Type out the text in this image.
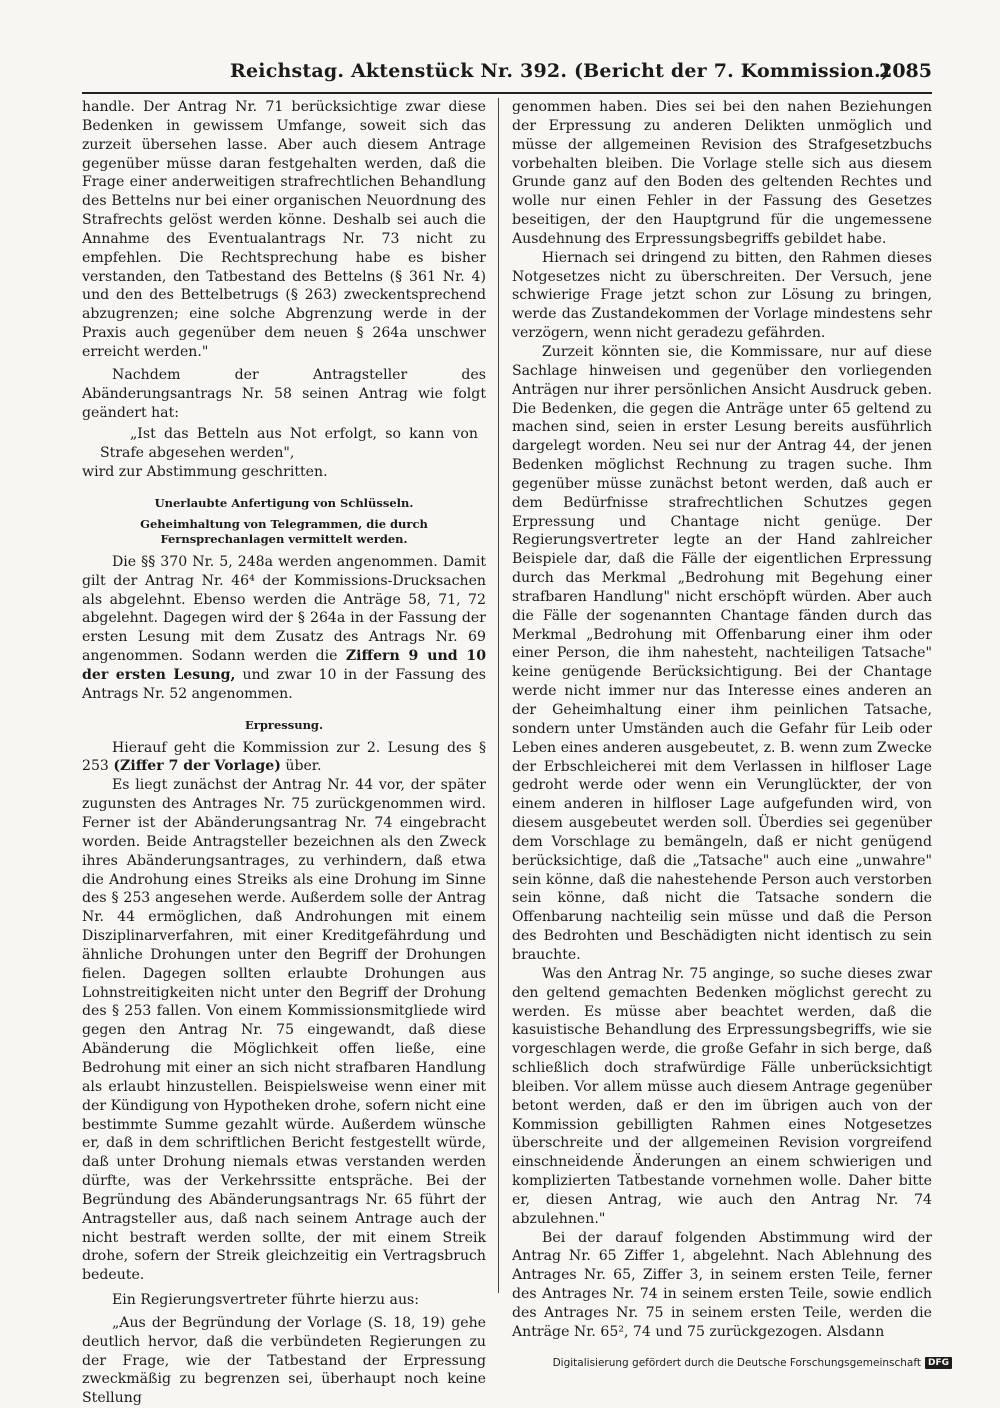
Reichstag. Aktenstück Nr. 392. (Bericht der 7. Kommission.)
2085

handle. Der Antrag Nr. 71 berücksichtige zwar diese Bedenken in gewissem Umfange, soweit sich das zurzeit übersehen lasse. Aber auch diesem Antrage gegenüber müsse daran festgehalten werden, daß die Frage einer anderweitigen strafrechtlichen Behandlung des Bettelns nur bei einer organischen Neuordnung des Strafrechts gelöst werden könne. Deshalb sei auch die Annahme des Eventualantrags Nr. 73 nicht zu empfehlen. Die Rechtsprechung habe es bisher verstanden, den Tatbestand des Bettelns (§ 361 Nr. 4) und den des Bettelbetrugs (§ 263) zweckentsprechend abzugrenzen; eine solche Abgrenzung werde in der Praxis auch gegenüber dem neuen § 264a unschwer erreicht werden."

Nachdem der Antragsteller des Abänderungsantrags Nr. 58 seinen Antrag wie folgt geändert hat:

„Ist das Betteln aus Not erfolgt, so kann von Strafe abgesehen werden",

wird zur Abstimmung geschritten.

Unerlaubte Anfertigung von Schlüsseln.
Geheimhaltung von Telegrammen, die durch Fernsprechanlagen vermittelt werden.

Die §§ 370 Nr. 5, 248a werden angenommen. Damit gilt der Antrag Nr. 46⁴ der Kommissions-Drucksachen als abgelehnt. Ebenso werden die Anträge 58, 71, 72 abgelehnt. Dagegen wird der § 264a in der Fassung der ersten Lesung mit dem Zusatz des Antrags Nr. 69 angenommen. Sodann werden die Ziffern 9 und 10 der ersten Lesung, und zwar 10 in der Fassung des Antrags Nr. 52 angenommen.

Erpressung.

Hierauf geht die Kommission zur 2. Lesung des § 253 (Ziffer 7 der Vorlage) über.

Es liegt zunächst der Antrag Nr. 44 vor, der später zugunsten des Antrages Nr. 75 zurückgenommen wird. Ferner ist der Abänderungsantrag Nr. 74 eingebracht worden. Beide Antragsteller bezeichnen als den Zweck ihres Abänderungsantrages, zu verhindern, daß etwa die Androhung eines Streiks als eine Drohung im Sinne des § 253 angesehen werde. Außerdem solle der Antrag Nr. 44 ermöglichen, daß Androhungen mit einem Disziplinarverfahren, mit einer Kreditgefährdung und ähnliche Drohungen unter den Begriff der Drohungen fielen. Dagegen sollten erlaubte Drohungen aus Lohnstreitigkeiten nicht unter den Begriff der Drohung des § 253 fallen. Von einem Kommissionsmitgliede wird gegen den Antrag Nr. 75 eingewandt, daß diese Abänderung die Möglichkeit offen ließe, eine Bedrohung mit einer an sich nicht strafbaren Handlung als erlaubt hinzustellen. Beispielsweise wenn einer mit der Kündigung von Hypotheken drohe, sofern nicht eine bestimmte Summe gezahlt würde. Außerdem wünsche er, daß in dem schriftlichen Bericht festgestellt würde, daß unter Drohung niemals etwas verstanden werden dürfte, was der Verkehrssitte entspräche. Bei der Begründung des Abänderungsantrags Nr. 65 führt der Antragsteller aus, daß nach seinem Antrage auch der nicht bestraft werden sollte, der mit einem Streik drohe, sofern der Streik gleichzeitig ein Vertragsbruch bedeute.

Ein Regierungsvertreter führte hierzu aus:

„Aus der Begründung der Vorlage (S. 18, 19) gehe deutlich hervor, daß die verbündeten Regierungen zu der Frage, wie der Tatbestand der Erpressung zweckmäßig zu begrenzen sei, überhaupt noch keine Stellung

genommen haben. Dies sei bei den nahen Beziehungen der Erpressung zu anderen Delikten unmöglich und müsse der allgemeinen Revision des Strafgesetzbuchs vorbehalten bleiben. Die Vorlage stelle sich aus diesem Grunde ganz auf den Boden des geltenden Rechtes und wolle nur einen Fehler in der Fassung des Gesetzes beseitigen, der den Hauptgrund für die ungemessene Ausdehnung des Erpressungsbegriffs gebildet habe.

Hiernach sei dringend zu bitten, den Rahmen dieses Notgesetzes nicht zu überschreiten. Der Versuch, jene schwierige Frage jetzt schon zur Lösung zu bringen, werde das Zustandekommen der Vorlage mindestens sehr verzögern, wenn nicht geradezu gefährden.

Zurzeit könnten sie, die Kommissare, nur auf diese Sachlage hinweisen und gegenüber den vorliegenden Anträgen nur ihrer persönlichen Ansicht Ausdruck geben. Die Bedenken, die gegen die Anträge unter 65 geltend zu machen sind, seien in erster Lesung bereits ausführlich dargelegt worden. Neu sei nur der Antrag 44, der jenen Bedenken möglichst Rechnung zu tragen suche. Ihm gegenüber müsse zunächst betont werden, daß auch er dem Bedürfnisse strafrechtlichen Schutzes gegen Erpressung und Chantage nicht genüge. Der Regierungsvertreter legte an der Hand zahlreicher Beispiele dar, daß die Fälle der eigentlichen Erpressung durch das Merkmal „Bedrohung mit Begehung einer strafbaren Handlung" nicht erschöpft würden. Aber auch die Fälle der sogenannten Chantage fänden durch das Merkmal „Bedrohung mit Offenbarung einer ihm oder einer Person, die ihm nahesteht, nachteiligen Tatsache" keine genügende Berücksichtigung. Bei der Chantage werde nicht immer nur das Interesse eines anderen an der Geheimhaltung einer ihm peinlichen Tatsache, sondern unter Umständen auch die Gefahr für Leib oder Leben eines anderen ausgebeutet, z. B. wenn zum Zwecke der Erbschleicherei mit dem Verlassen in hilfloser Lage gedroht werde oder wenn ein Verunglückter, der von einem anderen in hilfloser Lage aufgefunden wird, von diesem ausgebeutet werden soll. Überdies sei gegenüber dem Vorschlage zu bemängeln, daß er nicht genügend berücksichtige, daß die „Tatsache" auch eine „unwahre" sein könne, daß die nahestehende Person auch verstorben sein könne, daß nicht die Tatsache sondern die Offenbarung nachteilig sein müsse und daß die Person des Bedrohten und Beschädigten nicht identisch zu sein brauchte.

Was den Antrag Nr. 75 anginge, so suche dieses zwar den geltend gemachten Bedenken möglichst gerecht zu werden. Es müsse aber beachtet werden, daß die kasuistische Behandlung des Erpressungsbegriffs, wie sie vorgeschlagen werde, die große Gefahr in sich berge, daß schließlich doch strafwürdige Fälle unberücksichtigt bleiben. Vor allem müsse auch diesem Antrage gegenüber betont werden, daß er den im übrigen auch von der Kommission gebilligten Rahmen eines Notgesetzes überschreite und der allgemeinen Revision vorgreifend einschneidende Änderungen an einem schwierigen und komplizierten Tatbestande vornehmen wolle. Daher bitte er, diesen Antrag, wie auch den Antrag Nr. 74 abzulehnen."

Bei der darauf folgenden Abstimmung wird der Antrag Nr. 65 Ziffer 1, abgelehnt. Nach Ablehnung des Antrages Nr. 65, Ziffer 3, in seinem ersten Teile, ferner des Antrages Nr. 74 in seinem ersten Teile, sowie endlich des Antrages Nr. 75 in seinem ersten Teile, werden die Anträge Nr. 65², 74 und 75 zurückgezogen. Alsdann

Digitalisierung gefördert durch die Deutsche Forschungsgemeinschaft DFG
